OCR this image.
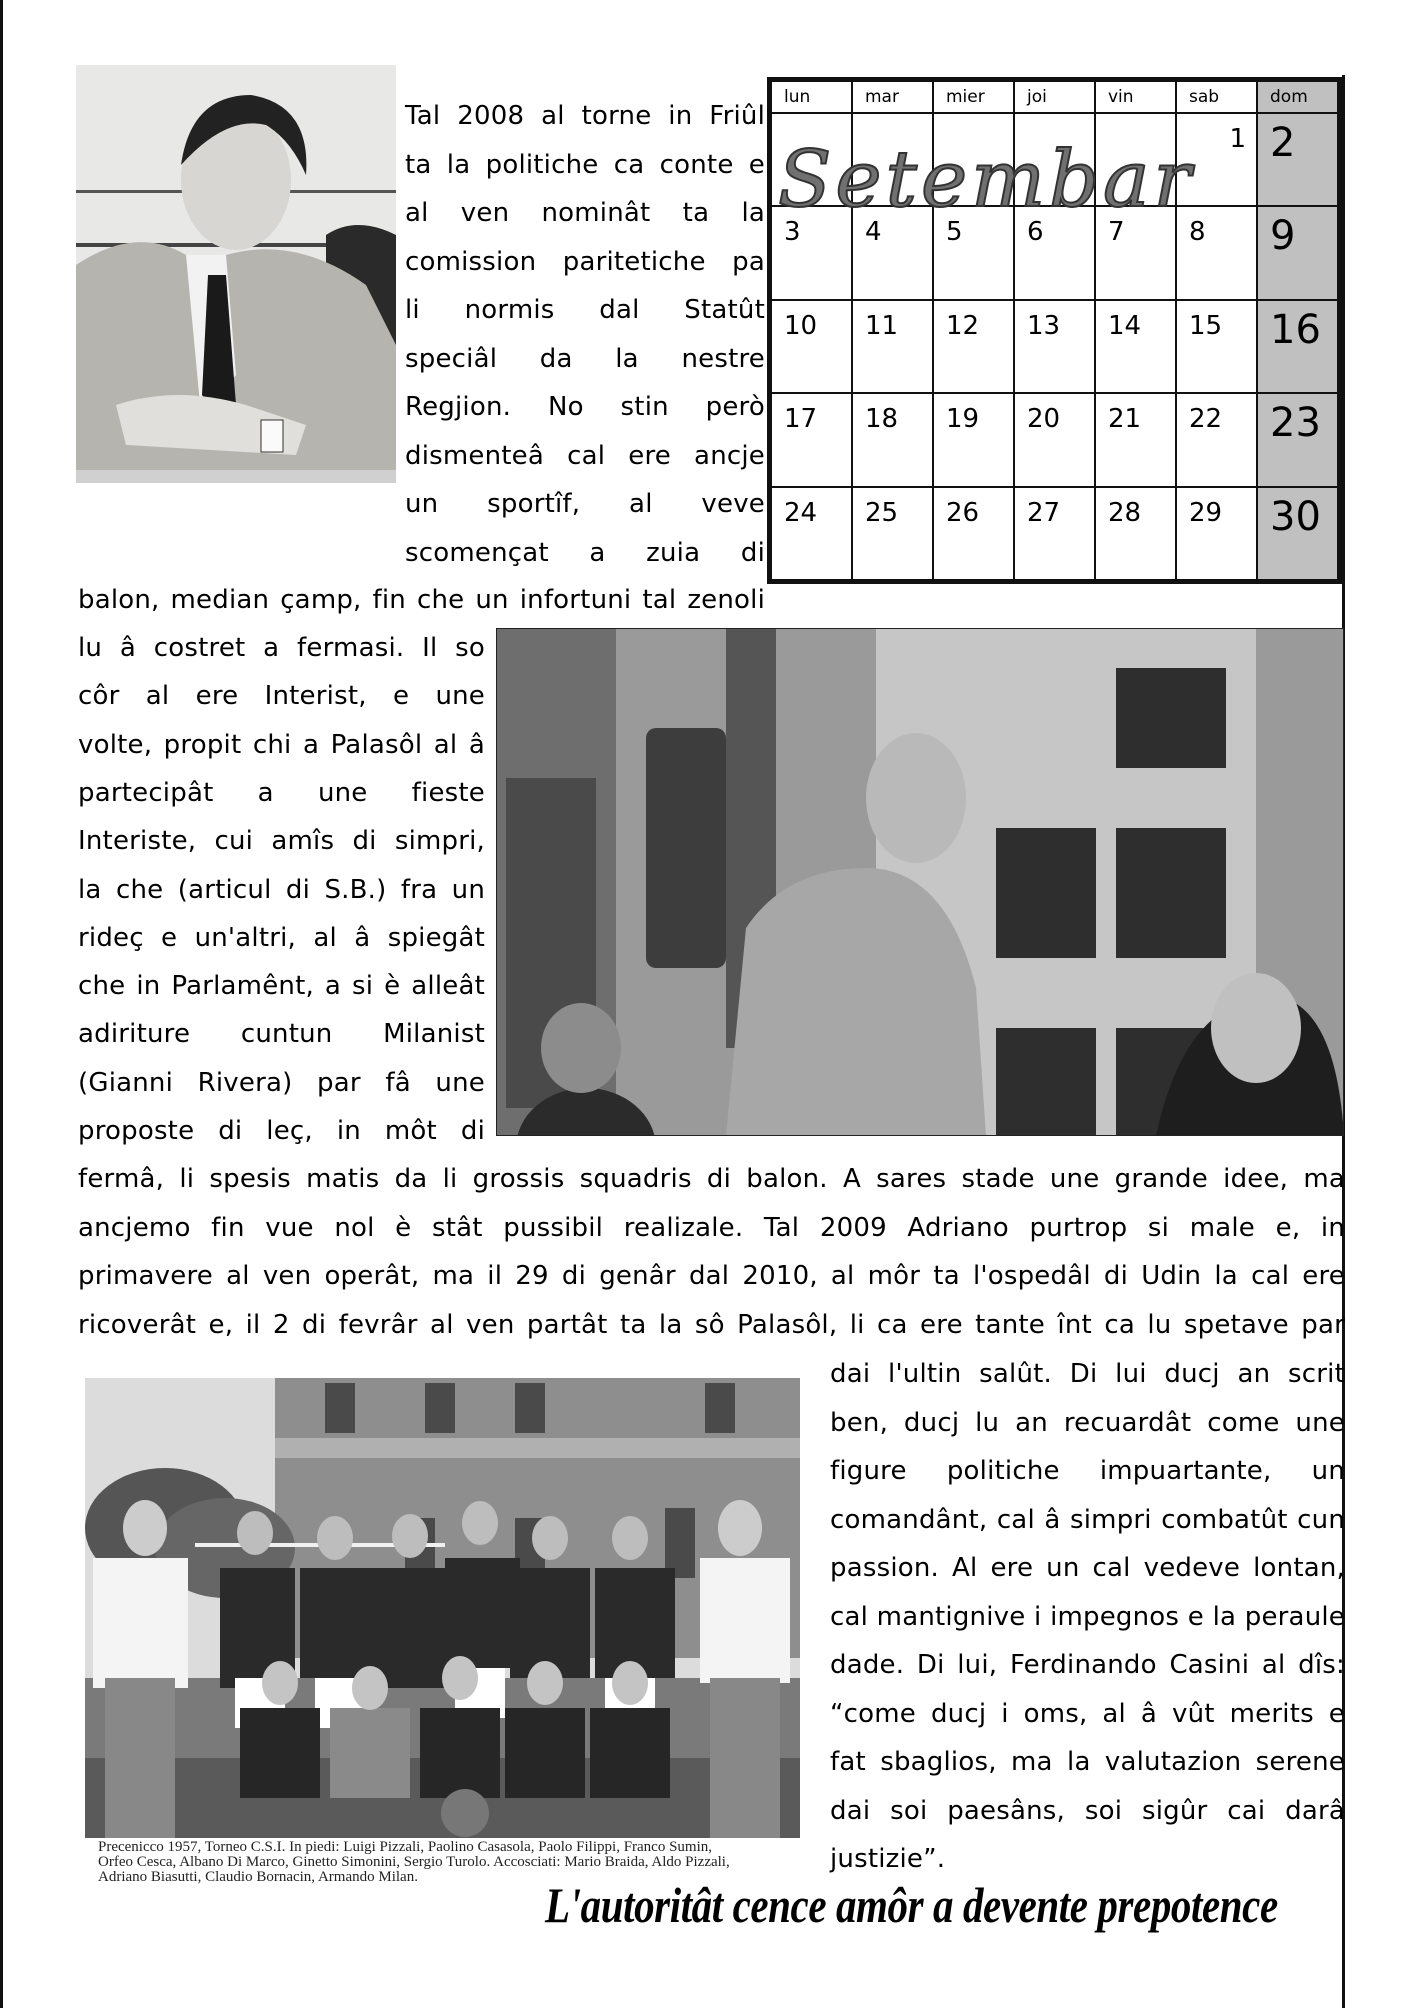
lun	mar	mier	joi	vin	sab	dom
					1	2
3	4	5	6	7	8	9
10	11	12	13	14	15	16
17	18	19	20	21	22	23
24	25	26	27	28	29	30
Setembar
Tal 2008 al torne in Friûl
ta la politiche ca conte e
al ven nominât ta la
comission paritetiche pa
li normis dal Statût
speciâl da la nestre
Regjion. No stin però
dismenteâ cal ere ancje
un sportîf, al veve
scomençat a zuia di
balon, median çamp, fin che un infortuni tal zenoli
lu â costret a fermasi. Il so
côr al ere Interist, e une
volte, propit chi a Palasôl al â
partecipât a une fieste
Interiste, cui amîs di simpri,
la che (articul di S.B.) fra un
rideç e un'altri, al â spiegât
che in Parlamênt, a si è alleât
adiriture cuntun Milanist
(Gianni Rivera) par fâ une
proposte di leç, in môt di
fermâ, li spesis matis da li grossis squadris di balon. A sares stade une grande idee, ma
ancjemo fin vue nol è stât pussibil realizale. Tal 2009 Adriano purtrop si male e, in
primavere al ven operât, ma il 29 di genâr dal 2010, al môr ta l'ospedâl di Udin la cal ere
ricoverât e, il 2 di fevrâr al ven partât ta la sô Palasôl, li ca ere tante înt ca lu spetave par
dai l'ultin salût. Di lui ducj an scrit
ben, ducj lu an recuardât come une
figure politiche impuartante, un
comandânt, cal â simpri combatût cun
passion. Al ere un cal vedeve lontan,
cal mantignive i impegnos e la peraule
dade. Di lui, Ferdinando Casini al dîs:
“come ducj i oms, al â vût merits e
fat sbaglios, ma la valutazion serene
dai soi paesâns, soi sigûr cai darâ
justizie”.
Precenicco 1957, Torneo C.S.I. In piedi: Luigi Pizzali, Paolino Casasola, Paolo Filippi, Franco Sumin,
Orfeo Cesca, Albano Di Marco, Ginetto Simonini, Sergio Turolo. Accosciati: Mario Braida, Aldo Pizzali,
Adriano Biasutti, Claudio Bornacin, Armando Milan.	L'autoritât cence amôr a devente prepotence
